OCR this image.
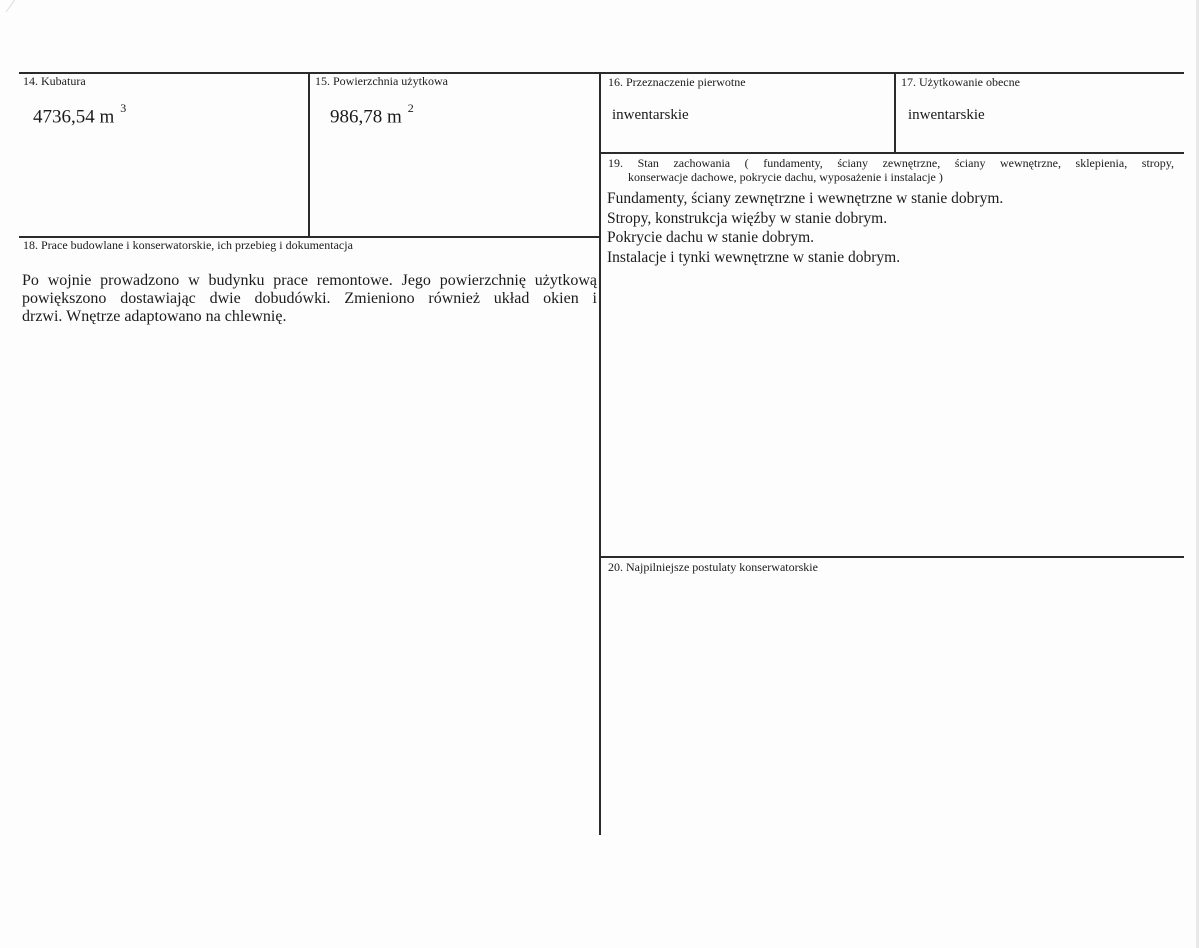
14. Kubatura
4736,54 m $^3$
15. Powierzchnia użytkowa
986,78 m $^2$
16. Przeznaczenie pierwotne
inwentarskie
17. Użytkowanie obecne
inwentarskie
19. Stan zachowania ( fundamenty, ściany zewnętrzne, ściany wewnętrzne, sklepienia, stropy,
konserwacje dachowe, pokrycie dachu, wyposażenie i instalacje )
Fundamenty, ściany zewnętrzne i wewnętrzne w stanie dobrym.
Stropy, konstrukcja więźby w stanie dobrym.
Pokrycie dachu w stanie dobrym.
Instalacje i tynki wewnętrzne w stanie dobrym.
18. Prace budowlane i konserwatorskie, ich przebieg i dokumentacja
Po wojnie prowadzono w budynku prace remontowe. Jego powierzchnię użytkową
powiększono dostawiając dwie dobudówki. Zmieniono również układ okien i
drzwi. Wnętrze adaptowano na chlewnię.
20. Najpilniejsze postulaty konserwatorskie
